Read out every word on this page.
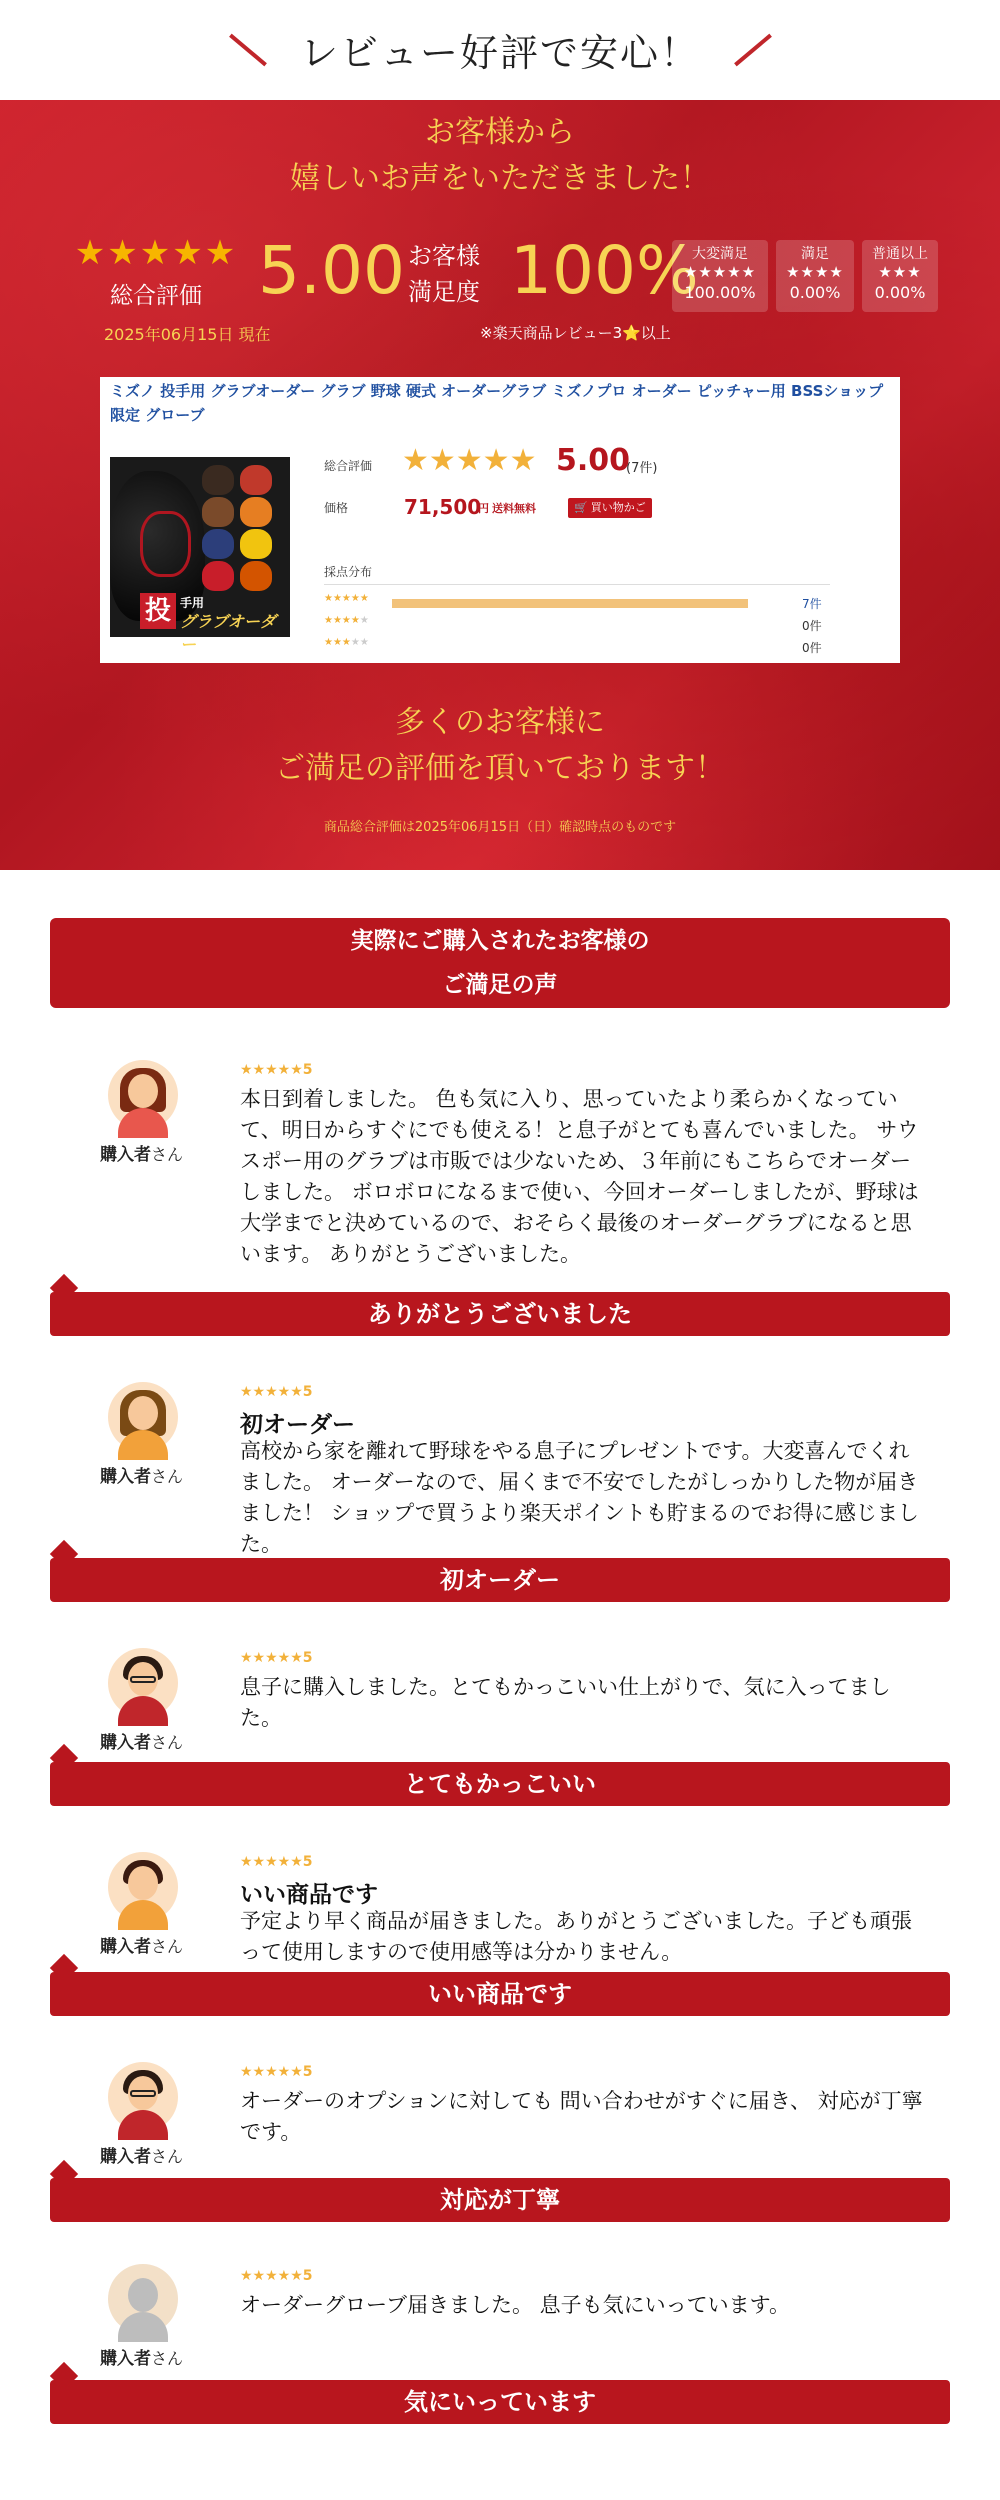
レビュー好評で安心！
お客様から
嬉しいお声をいただきました！
★★★★★
総合評価
2025年06月15日 現在
5.00 お客様
満足度 100%
※楽天商品レビュー3⭐以上
大変満足
★★★★★
100.00%
満足
★★★★
0.00%
普通以上
★★★
0.00%
ミズノ 投手用 グラブオーダー グラブ 野球 硬式 オーダーグラブ ミズノプロ オーダー ピッチャー用 BSSショップ限定 グローブ
投 手用
グラブオーダー
総合評価 ★★★★★ 5.00
(7件)
価格	71,500
円 送料無料	🛒 買い物かご
採点分布
★★★★★	7件
★★★★★	0件
★★★★★	0件
多くのお客様に
ご満足の評価を頂いております！
商品総合評価は2025年06月15日（日）確認時点のものです
実際にご購入されたお客様の
ご満足の声
購入者さん
★★★★★5
本日到着しました。 色も気に入り、思っていたより柔らかくなっていて、明日からすぐにでも使える！と息子がとても喜んでいました。 サウスポー用のグラブは市販では少ないため、３年前にもこちらでオーダーしました。 ボロボロになるまで使い、今回オーダーしましたが、野球は大学までと決めているので、おそらく最後のオーダーグラブになると思います。 ありがとうございました。
ありがとうございました
購入者さん
★★★★★5
初オーダー
高校から家を離れて野球をやる息子にプレゼントです。大変喜んでくれました。 オーダーなので、届くまで不安でしたがしっかりした物が届きました！ ショップで買うより楽天ポイントも貯まるのでお得に感じました。
初オーダー
購入者さん
★★★★★5
息子に購入しました。とてもかっこいい仕上がりで、気に入ってました。
とてもかっこいい
購入者さん
★★★★★5
いい商品です
予定より早く商品が届きました。ありがとうございました。子ども頑張って使用しますので使用感等は分かりません。
いい商品です
購入者さん
★★★★★5
オーダーのオプションに対しても 問い合わせがすぐに届き、 対応が丁寧です。
対応が丁寧
購入者さん
★★★★★5
オーダーグローブ届きました。 息子も気にいっています。
気にいっています
